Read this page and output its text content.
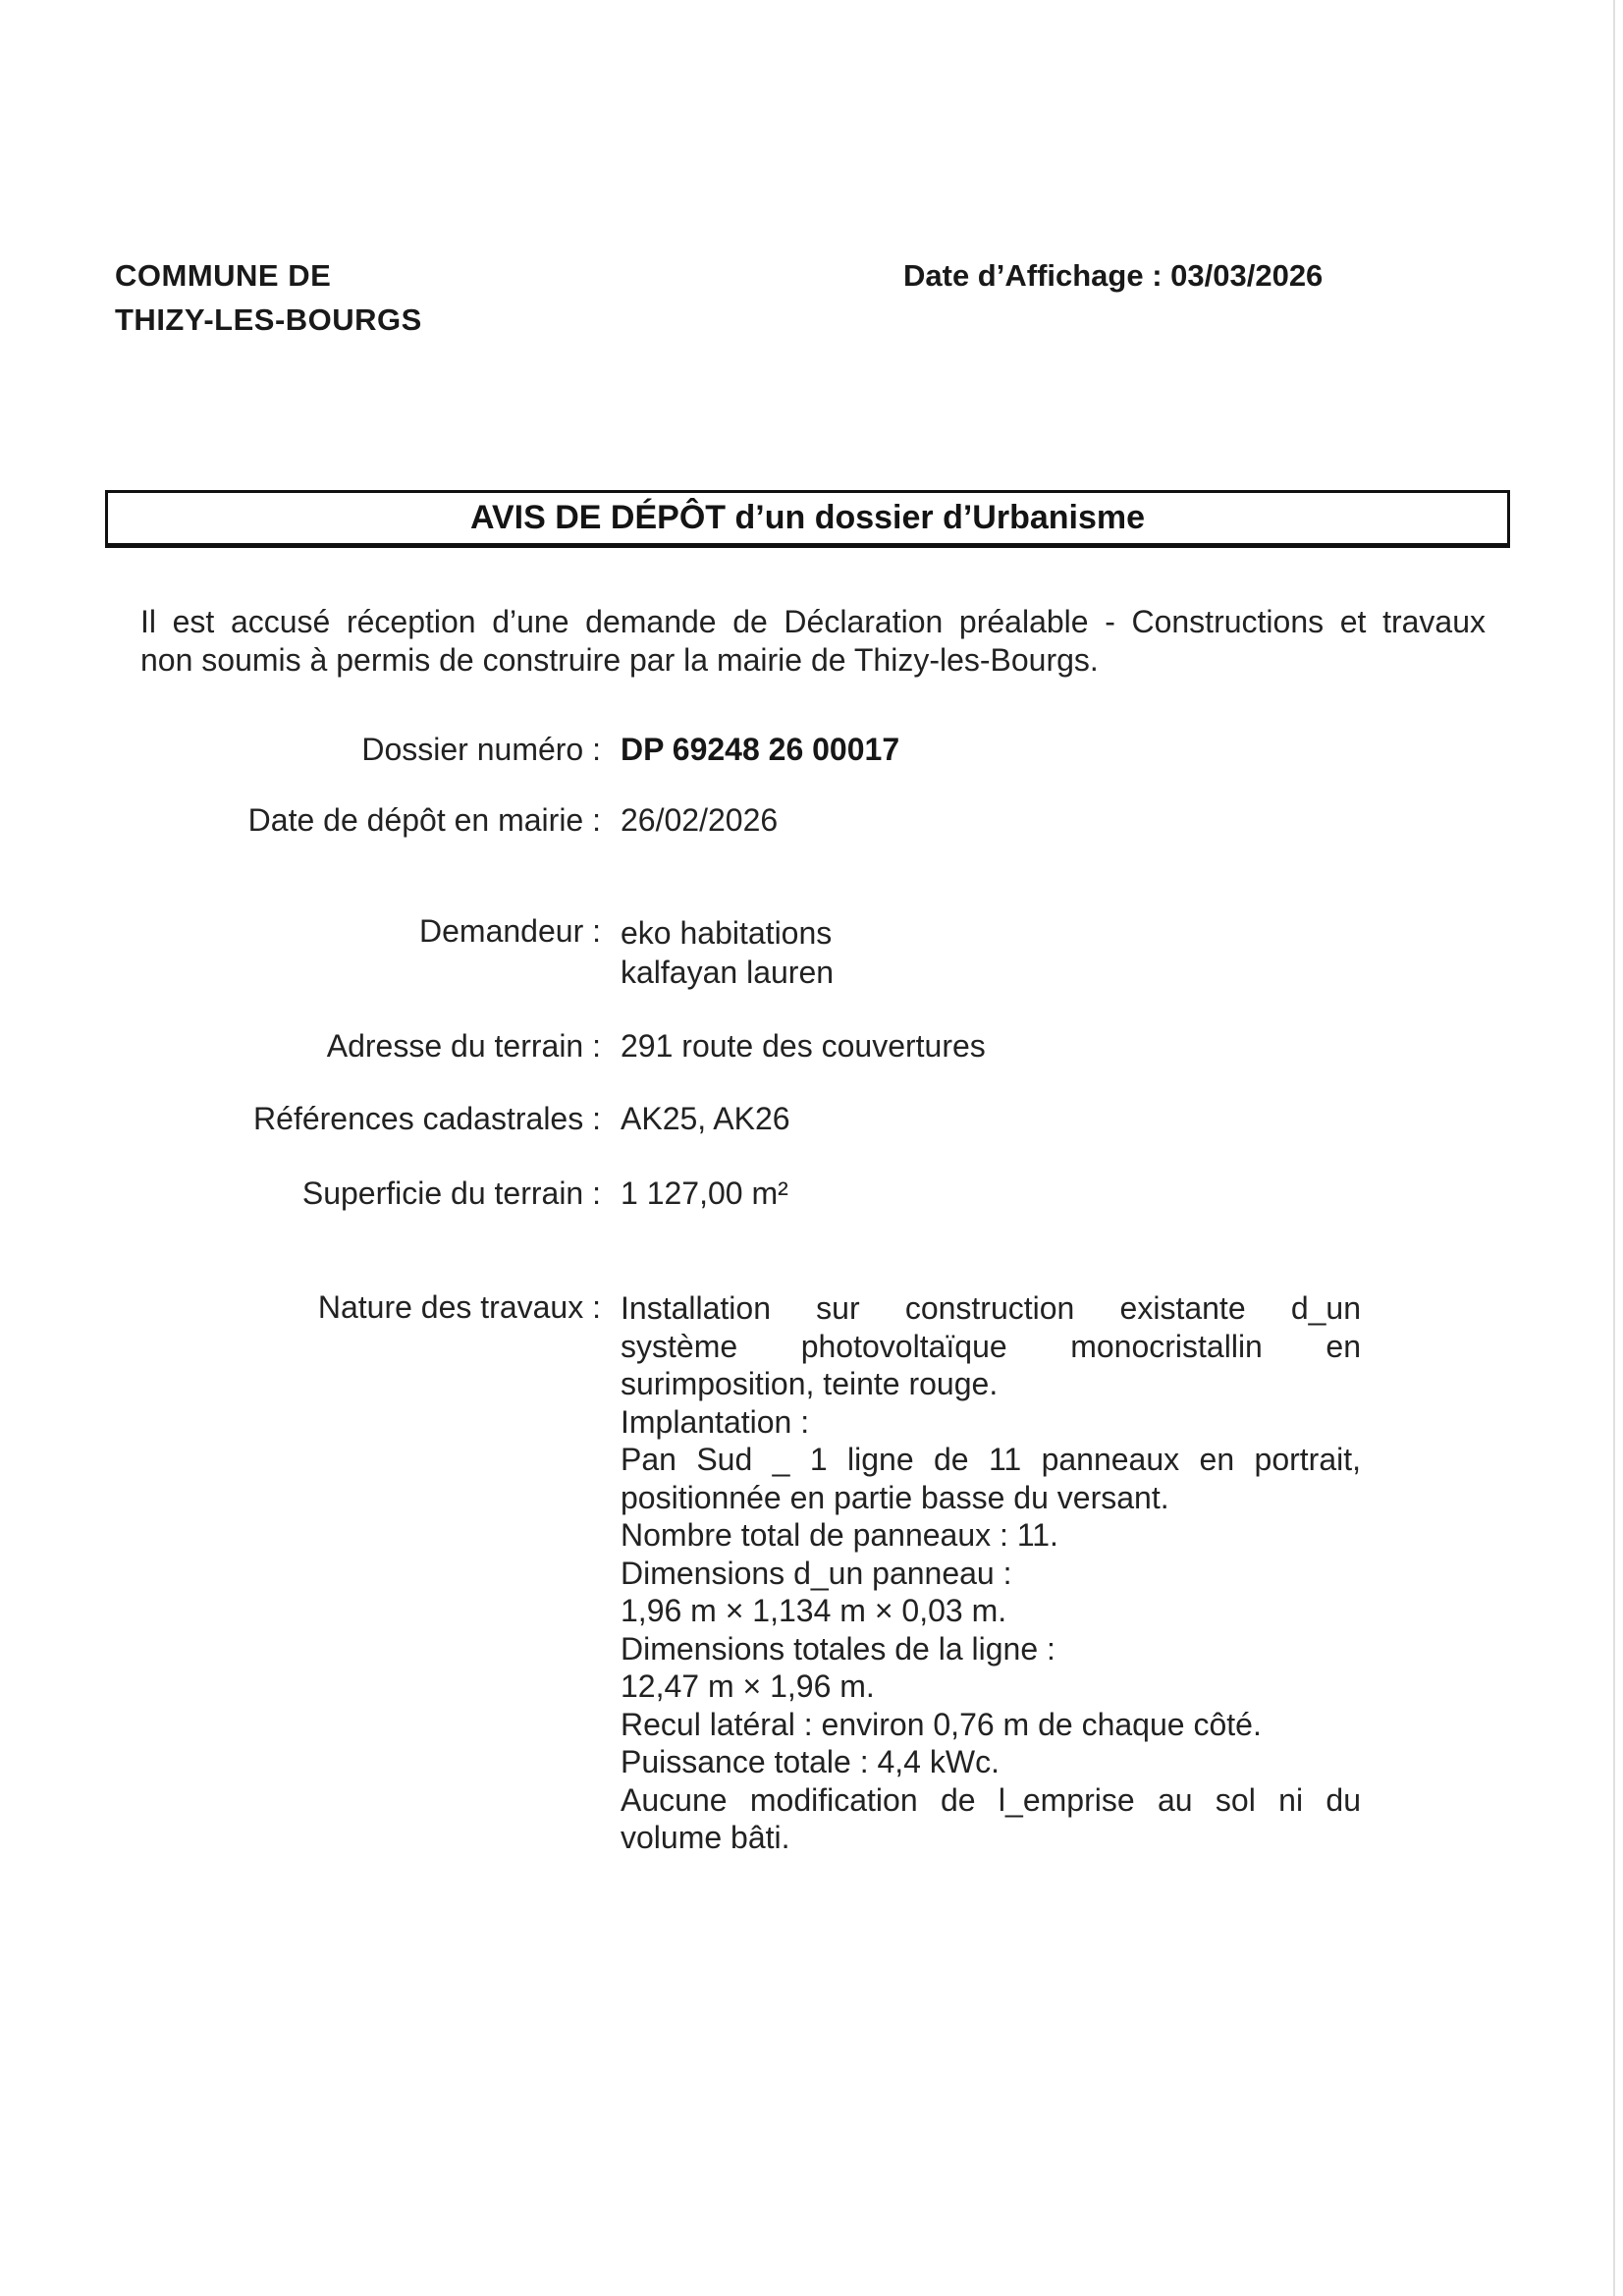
COMMUNE DE
THIZY-LES-BOURGS
Date d’Affichage : 03/03/2026
AVIS DE DÉPÔT d’un dossier d’Urbanisme
Il est accusé réception d’une demande de Déclaration préalable - Constructions et travaux
non soumis à permis de construire par la mairie de Thizy-les-Bourgs.
Dossier numéro : DP 69248 26 00017
Date de dépôt en mairie : 26/02/2026
Demandeur : eko habitations
kalfayan lauren
Adresse du terrain : 291 route des couvertures
Références cadastrales : AK25, AK26
Superficie du terrain : 1 127,00 m²
Nature des travaux : Installation sur construction existante d_un
système photovoltaïque monocristallin en
surimposition, teinte rouge.
Implantation :
Pan Sud _ 1 ligne de 11 panneaux en portrait,
positionnée en partie basse du versant.
Nombre total de panneaux : 11.
Dimensions d_un panneau :
1,96 m × 1,134 m × 0,03 m.
Dimensions totales de la ligne :
12,47 m × 1,96 m.
Recul latéral : environ 0,76 m de chaque côté.
Puissance totale : 4,4 kWc.
Aucune modification de l_emprise au sol ni du
volume bâti.
